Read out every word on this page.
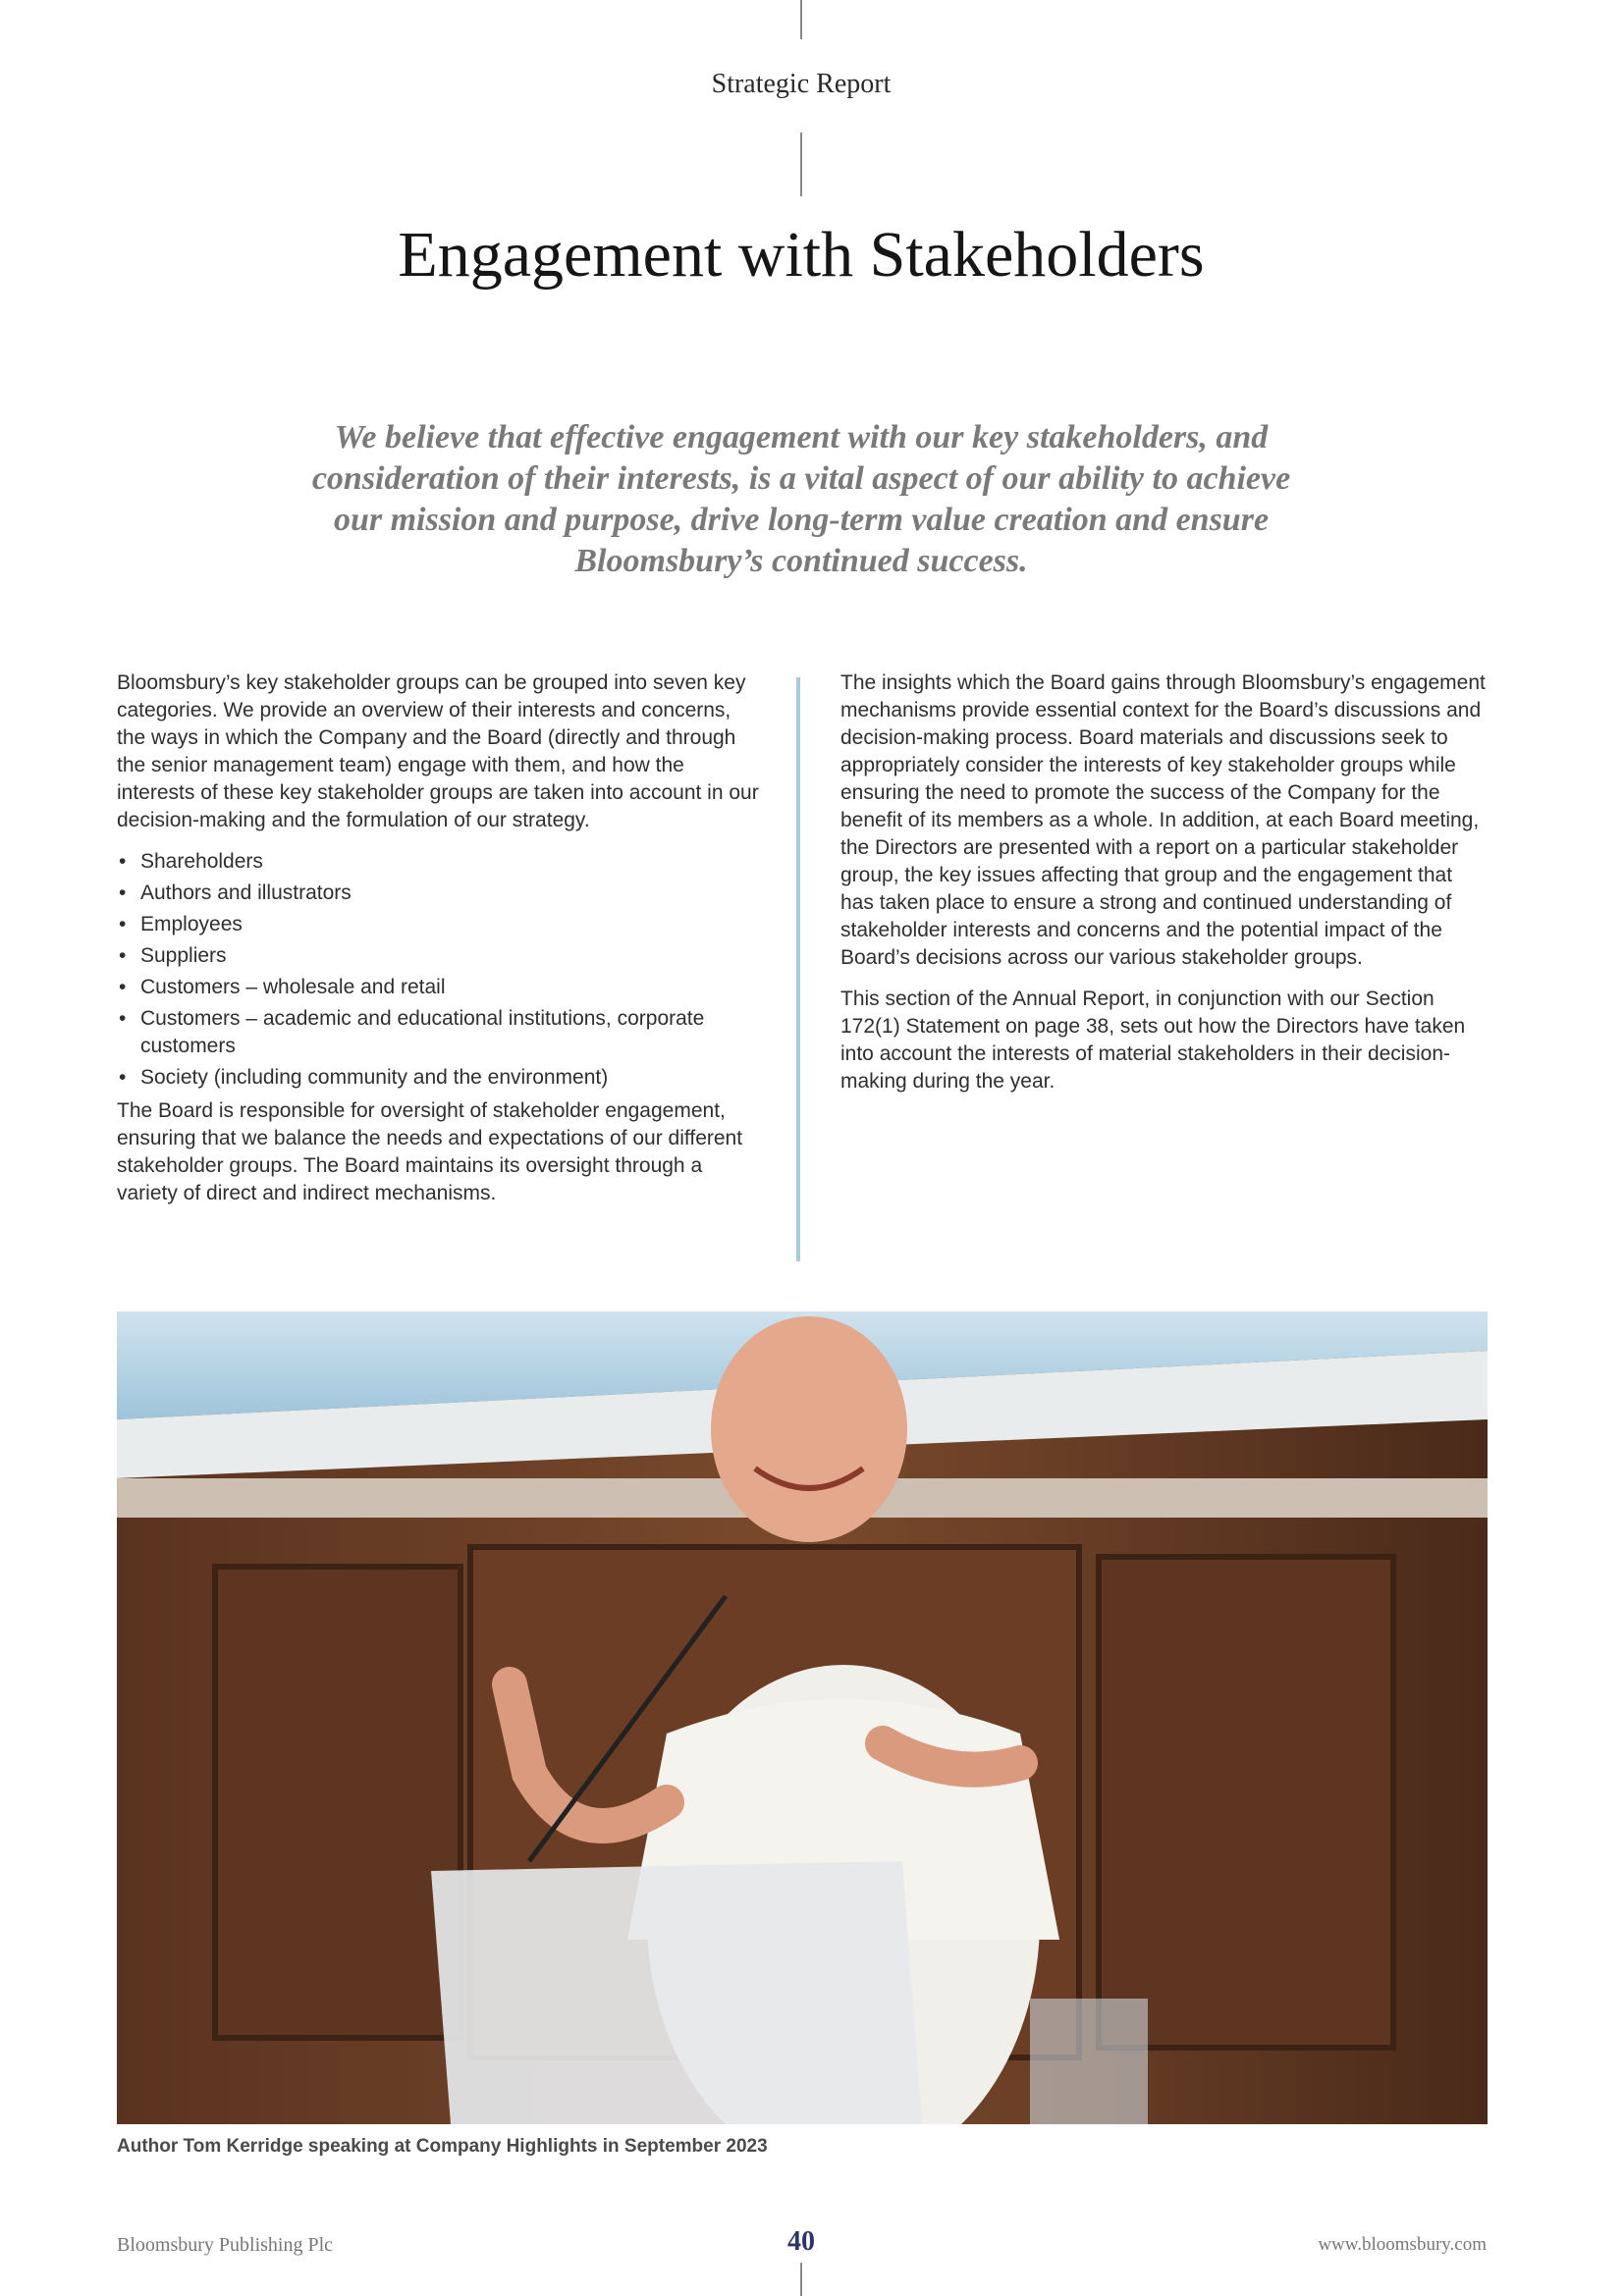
Strategic Report
Engagement with Stakeholders

We believe that effective engagement with our key stakeholders, and consideration of their interests, is a vital aspect of our ability to achieve our mission and purpose, drive long-term value creation and ensure Bloomsbury’s continued success.

Bloomsbury’s key stakeholder groups can be grouped into seven key categories. We provide an overview of their interests and concerns, the ways in which the Company and the Board (directly and through the senior management team) engage with them, and how the interests of these key stakeholder groups are taken into account in our decision-making and the formulation of our strategy.

• Shareholders
• Authors and illustrators
• Employees
• Suppliers
• Customers – wholesale and retail
• Customers – academic and educational institutions, corporate customers
• Society (including community and the environment)

The Board is responsible for oversight of stakeholder engagement, ensuring that we balance the needs and expectations of our different stakeholder groups. The Board maintains its oversight through a variety of direct and indirect mechanisms.

The insights which the Board gains through Bloomsbury’s engagement mechanisms provide essential context for the Board’s discussions and decision-making process. Board materials and discussions seek to appropriately consider the interests of key stakeholder groups while ensuring the need to promote the success of the Company for the benefit of its members as a whole. In addition, at each Board meeting, the Directors are presented with a report on a particular stakeholder group, the key issues affecting that group and the engagement that has taken place to ensure a strong and continued understanding of stakeholder interests and concerns and the potential impact of the Board’s decisions across our various stakeholder groups.

This section of the Annual Report, in conjunction with our Section 172(1) Statement on page 38, sets out how the Directors have taken into account the interests of material stakeholders in their decision-making during the year.

Author Tom Kerridge speaking at Company Highlights in September 2023
Bloomsbury Publishing Plc	40	www.bloomsbury.com
